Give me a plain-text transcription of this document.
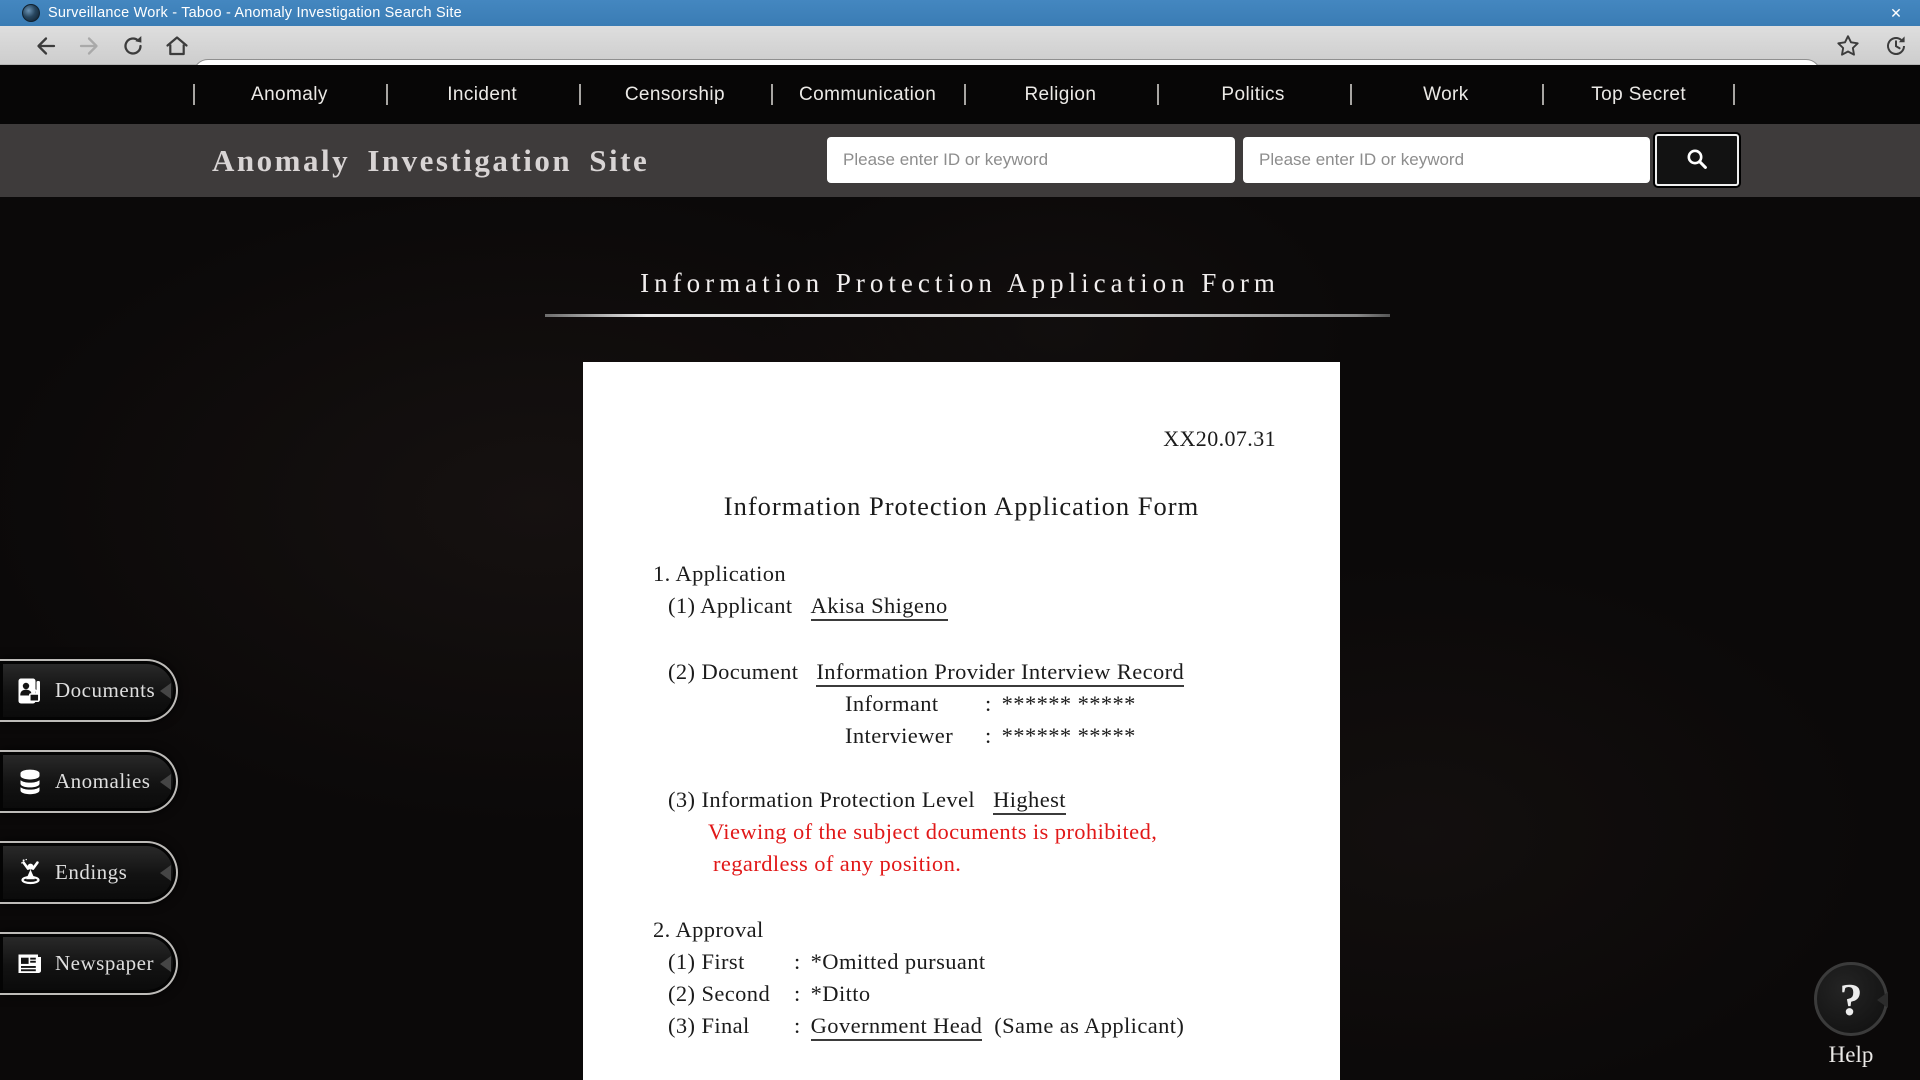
Surveillance Work - Taboo - Anomaly Investigation Search Site	✕
Anomaly	Incident	Censorship	Communication	Religion	Politics	Work	Top Secret
Anomaly Investigation Site
Please enter ID or keyword
Please enter ID or keyword
Information Protection Application Form
XX20.07.31
Information Protection Application Form
1. Application
(1) Applicant Akisa Shigeno
(2) Document Information Provider Interview Record
Informant : ****** *****
Interviewer : ****** *****
(3) Information Protection Level Highest
Viewing of the subject documents is prohibited,
regardless of any position.
2. Approval
(1) First : *Omitted pursuant
(2) Second : *Ditto
(3) Final : Government Head (Same as Applicant)
Documents
Anomalies
Endings
Newspaper
?
Help
